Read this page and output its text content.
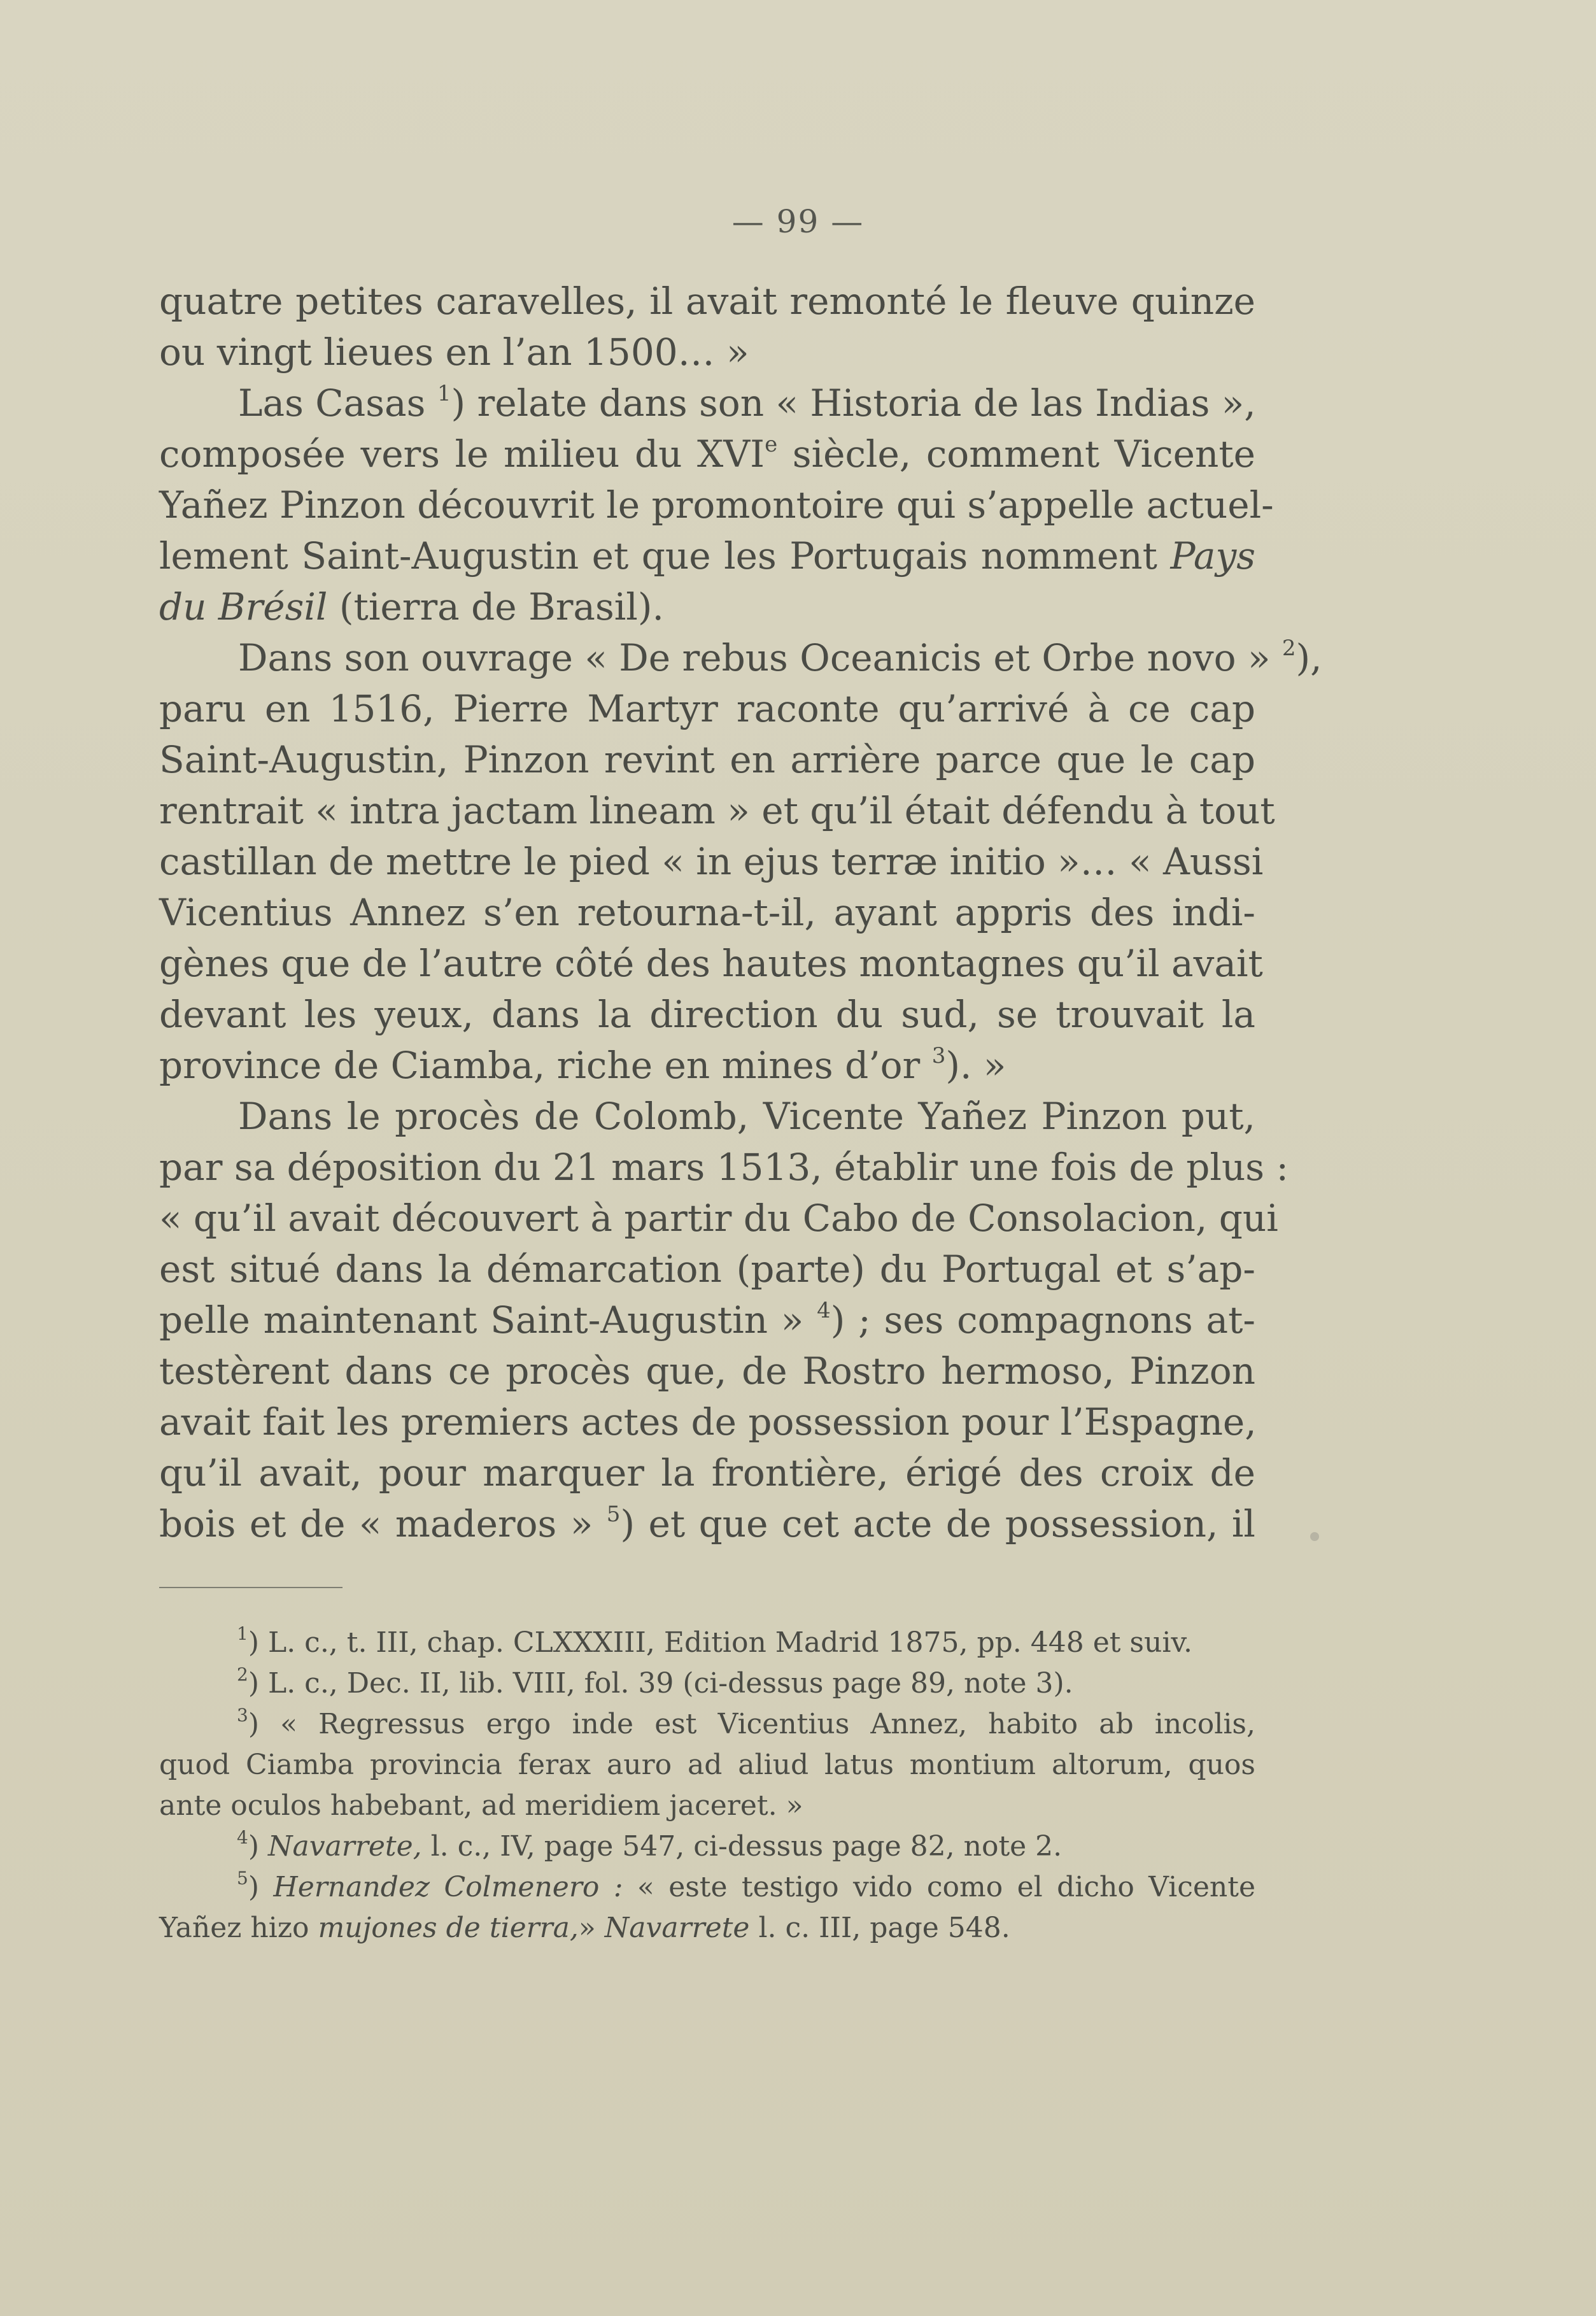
— 99 —
quatre petites caravelles, il avait remonté le fleuve quinze
ou vingt lieues en l’an 1500… »
Las Casas $^1$) relate dans son « Historia de las Indias »,
composée vers le milieu du XVIe siècle, comment Vicente
Yañez Pinzon découvrit le promontoire qui s’appelle actuel-
lement Saint-Augustin et que les Portugais nomment Pays
du Brésil (tierra de Brasil).
Dans son ouvrage « De rebus Oceanicis et Orbe novo » $^2$),
paru en 1516, Pierre Martyr raconte qu’arrivé à ce cap
Saint-Augustin, Pinzon revint en arrière parce que le cap
rentrait « intra jactam lineam » et qu’il était défendu à tout
castillan de mettre le pied « in ejus terræ initio »… « Aussi
Vicentius Annez s’en retourna-t-il, ayant appris des indi-
gènes que de l’autre côté des hautes montagnes qu’il avait
devant les yeux, dans la direction du sud, se trouvait la
province de Ciamba, riche en mines d’or $^3$). »
Dans le procès de Colomb, Vicente Yañez Pinzon put,
par sa déposition du 21 mars 1513, établir une fois de plus :
« qu’il avait découvert à partir du Cabo de Consolacion, qui
est situé dans la démarcation (parte) du Portugal et s’ap-
pelle maintenant Saint-Augustin » $^4$) ; ses compagnons at-
testèrent dans ce procès que, de Rostro hermoso, Pinzon
avait fait les premiers actes de possession pour l’Espagne,
qu’il avait, pour marquer la frontière, érigé des croix de
bois et de « maderos » $^5$) et que cet acte de possession, il
$^1$) L. c., t. III, chap. CLXXXIII, Edition Madrid 1875, pp. 448 et suiv.
$^2$) L. c., Dec. II, lib. VIII, fol. 39 (ci-dessus page 89, note 3).
$^3$) « Regressus ergo inde est Vicentius Annez, habito ab incolis,
quod Ciamba provincia ferax auro ad aliud latus montium altorum, quos
ante oculos habebant, ad meridiem jaceret. »
$^4$) Navarrete, l. c., IV, page 547, ci-dessus page 82, note 2.
$^5$) Hernandez Colmenero : « este testigo vido como el dicho Vicente
Yañez hizo mujones de tierra,» Navarrete l. c. III, page 548.
